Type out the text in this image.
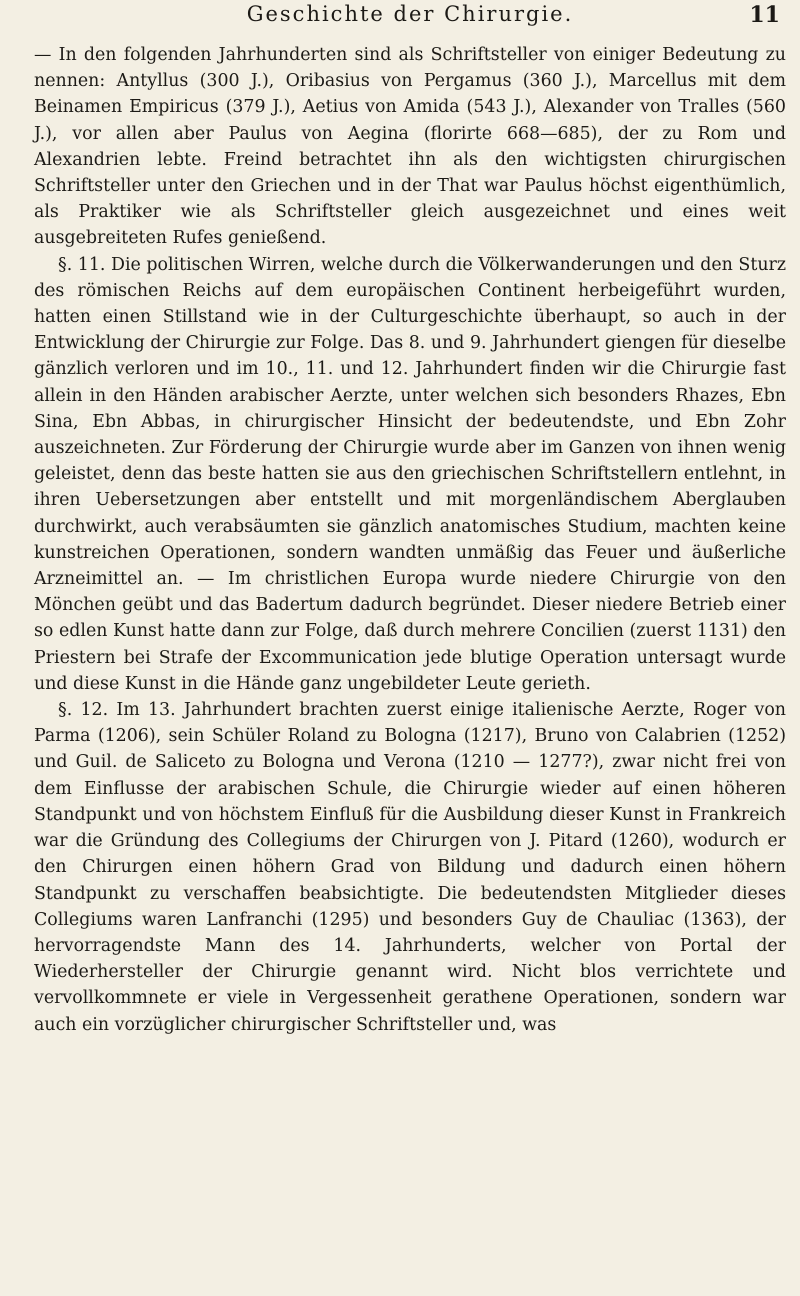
Geschichte der Chirurgie.	11

— In den folgenden Jahrhunderten sind als Schriftsteller von einiger Bedeutung zu nennen: Antyllus (300 J.), Oribasius von Pergamus (360 J.), Marcellus mit dem Beinamen Empiricus (379 J.), Aetius von Amida (543 J.), Alexander von Tralles (560 J.), vor allen aber Paulus von Aegina (florirte 668—685), der zu Rom und Alexandrien lebte. Freind betrachtet ihn als den wichtigsten chirurgischen Schriftsteller unter den Griechen und in der That war Paulus höchst eigenthümlich, als Praktiker wie als Schriftsteller gleich ausgezeichnet und eines weit ausgebreiteten Rufes genießend.

§. 11. Die politischen Wirren, welche durch die Völkerwanderungen und den Sturz des römischen Reichs auf dem europäischen Continent herbeigeführt wurden, hatten einen Stillstand wie in der Culturgeschichte überhaupt, so auch in der Entwicklung der Chirurgie zur Folge. Das 8. und 9. Jahrhundert giengen für dieselbe gänzlich verloren und im 10., 11. und 12. Jahrhundert finden wir die Chirurgie fast allein in den Händen arabischer Aerzte, unter welchen sich besonders Rhazes, Ebn Sina, Ebn Abbas, in chirurgischer Hinsicht der bedeutendste, und Ebn Zohr auszeichneten. Zur Förderung der Chirurgie wurde aber im Ganzen von ihnen wenig geleistet, denn das beste hatten sie aus den griechischen Schriftstellern entlehnt, in ihren Uebersetzungen aber entstellt und mit morgenländischem Aberglauben durchwirkt, auch verabsäumten sie gänzlich anatomisches Studium, machten keine kunstreichen Operationen, sondern wandten unmäßig das Feuer und äußerliche Arzneimittel an. — Im christlichen Europa wurde niedere Chirurgie von den Mönchen geübt und das Badertum dadurch begründet. Dieser niedere Betrieb einer so edlen Kunst hatte dann zur Folge, daß durch mehrere Concilien (zuerst 1131) den Priestern bei Strafe der Excommunication jede blutige Operation untersagt wurde und diese Kunst in die Hände ganz ungebildeter Leute gerieth.

§. 12. Im 13. Jahrhundert brachten zuerst einige italienische Aerzte, Roger von Parma (1206), sein Schüler Roland zu Bologna (1217), Bruno von Calabrien (1252) und Guil. de Saliceto zu Bologna und Verona (1210 — 1277?), zwar nicht frei von dem Einflusse der arabischen Schule, die Chirurgie wieder auf einen höheren Standpunkt und von höchstem Einfluß für die Ausbildung dieser Kunst in Frankreich war die Gründung des Collegiums der Chirurgen von J. Pitard (1260), wodurch er den Chirurgen einen höhern Grad von Bildung und dadurch einen höhern Standpunkt zu verschaffen beabsichtigte. Die bedeutendsten Mitglieder dieses Collegiums waren Lanfranchi (1295) und besonders Guy de Chauliac (1363), der hervorragendste Mann des 14. Jahrhunderts, welcher von Portal der Wiederhersteller der Chirurgie genannt wird. Nicht blos verrichtete und vervollkommnete er viele in Vergessenheit gerathene Operationen, sondern war auch ein vorzüglicher chirurgischer Schriftsteller und, was
